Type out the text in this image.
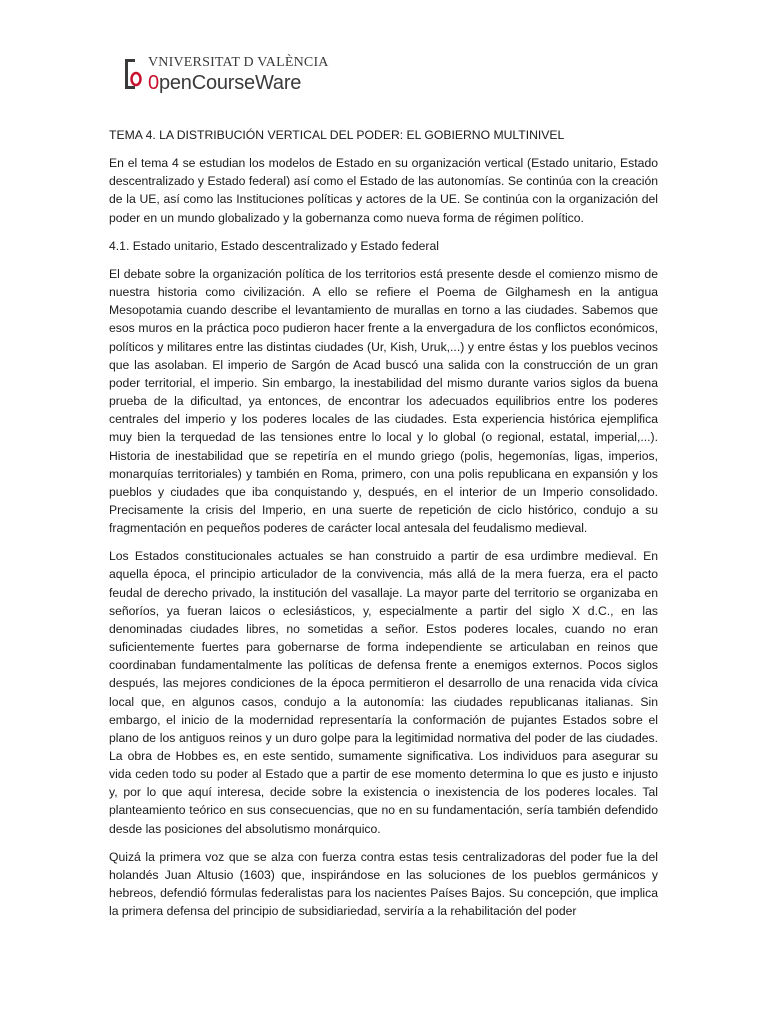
VNIVERSITAT D VALÈNCIA
0penCourseWare

TEMA 4. LA DISTRIBUCIÓN VERTICAL DEL PODER: EL GOBIERNO MULTINIVEL

En el tema 4 se estudian los modelos de Estado en su organización vertical (Estado unitario, Estado descentralizado y Estado federal) así como el Estado de las autonomías. Se continúa con la creación de la UE, así como las Instituciones políticas y actores de la UE. Se continúa con la organización del poder en un mundo globalizado y la gobernanza como nueva forma de régimen político.

4.1. Estado unitario, Estado descentralizado y Estado federal

El debate sobre la organización política de los territorios está presente desde el comienzo mismo de nuestra historia como civilización. A ello se refiere el Poema de Gilghamesh en la antigua Mesopotamia cuando describe el levantamiento de murallas en torno a las ciudades. Sabemos que esos muros en la práctica poco pudieron hacer frente a la envergadura de los conflictos económicos, políticos y militares entre las distintas ciudades (Ur, Kish, Uruk,...) y entre éstas y los pueblos vecinos que las asolaban. El imperio de Sargón de Acad buscó una salida con la construcción de un gran poder territorial, el imperio. Sin embargo, la inestabilidad del mismo durante varios siglos da buena prueba de la dificultad, ya entonces, de encontrar los adecuados equilibrios entre los poderes centrales del imperio y los poderes locales de las ciudades. Esta experiencia histórica ejemplifica muy bien la terquedad de las tensiones entre lo local y lo global (o regional, estatal, imperial,...). Historia de inestabilidad que se repetiría en el mundo griego (polis, hegemonías, ligas, imperios, monarquías territoriales) y también en Roma, primero, con una polis republicana en expansión y los pueblos y ciudades que iba conquistando y, después, en el interior de un Imperio consolidado. Precisamente la crisis del Imperio, en una suerte de repetición de ciclo histórico, condujo a su fragmentación en pequeños poderes de carácter local antesala del feudalismo medieval.

Los Estados constitucionales actuales se han construido a partir de esa urdimbre medieval. En aquella época, el principio articulador de la convivencia, más allá de la mera fuerza, era el pacto feudal de derecho privado, la institución del vasallaje. La mayor parte del territorio se organizaba en señoríos, ya fueran laicos o eclesiásticos, y, especialmente a partir del siglo X d.C., en las denominadas ciudades libres, no sometidas a señor. Estos poderes locales, cuando no eran suficientemente fuertes para gobernarse de forma independiente se articulaban en reinos que coordinaban fundamentalmente las políticas de defensa frente a enemigos externos. Pocos siglos después, las mejores condiciones de la época permitieron el desarrollo de una renacida vida cívica local que, en algunos casos, condujo a la autonomía: las ciudades republicanas italianas. Sin embargo, el inicio de la modernidad representaría la conformación de pujantes Estados sobre el plano de los antiguos reinos y un duro golpe para la legitimidad normativa del poder de las ciudades. La obra de Hobbes es, en este sentido, sumamente significativa. Los individuos para asegurar su vida ceden todo su poder al Estado que a partir de ese momento determina lo que es justo e injusto y, por lo que aquí interesa, decide sobre la existencia o inexistencia de los poderes locales. Tal planteamiento teórico en sus consecuencias, que no en su fundamentación, sería también defendido desde las posiciones del absolutismo monárquico.

Quizá la primera voz que se alza con fuerza contra estas tesis centralizadoras del poder fue la del holandés Juan Altusio (1603) que, inspirándose en las soluciones de los pueblos germánicos y hebreos, defendió fórmulas federalistas para los nacientes Países Bajos. Su concepción, que implica la primera defensa del principio de subsidiariedad, serviría a la rehabilitación del poder
